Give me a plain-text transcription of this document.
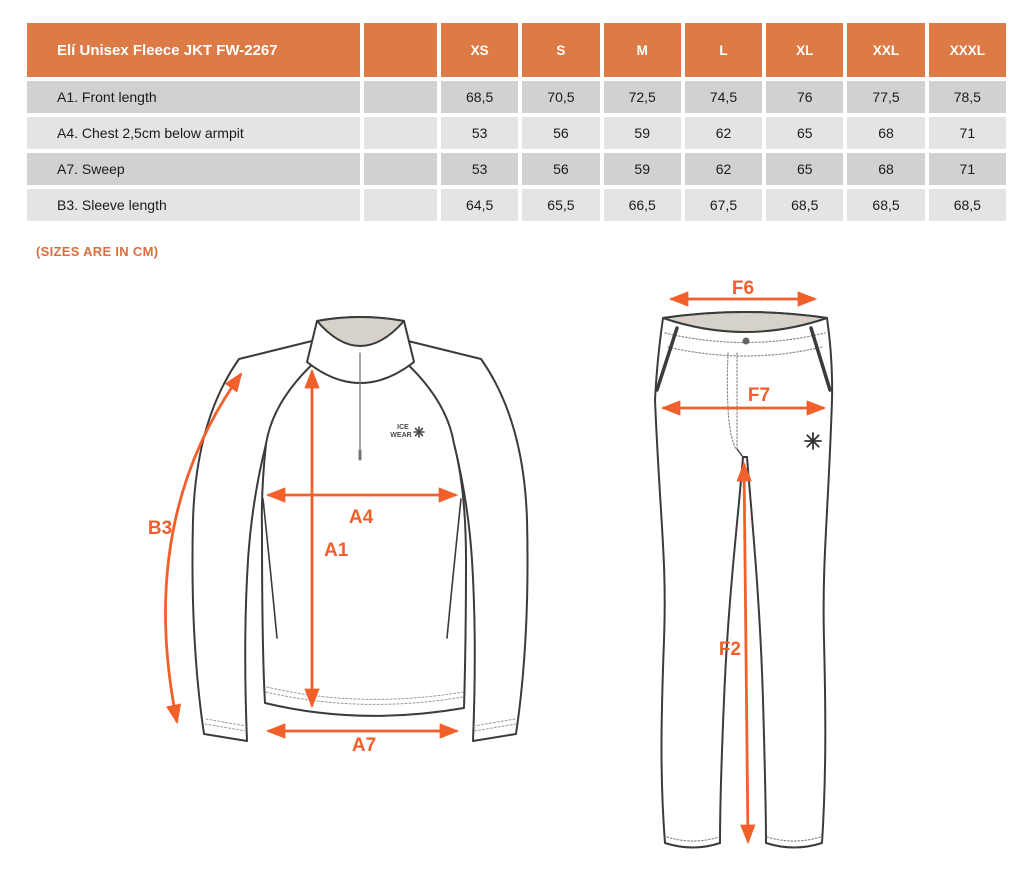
Elí Unisex Fleece JKT FW-2267	XS	S	M	L	XL	XXL	XXXL
A1. Front length	68,5	70,5	72,5	74,5	76	77,5	78,5
A4. Chest 2,5cm below armpit	53	56	59	62	65	68	71
A7. Sweep	53	56	59	62	65	68	71
B3. Sleeve length	64,5	65,5	66,5	67,5	68,5	68,5	68,5
(SIZES ARE IN CM)
ICE
WEAR
B3
A1
A4
A7
F6
F7
F2
